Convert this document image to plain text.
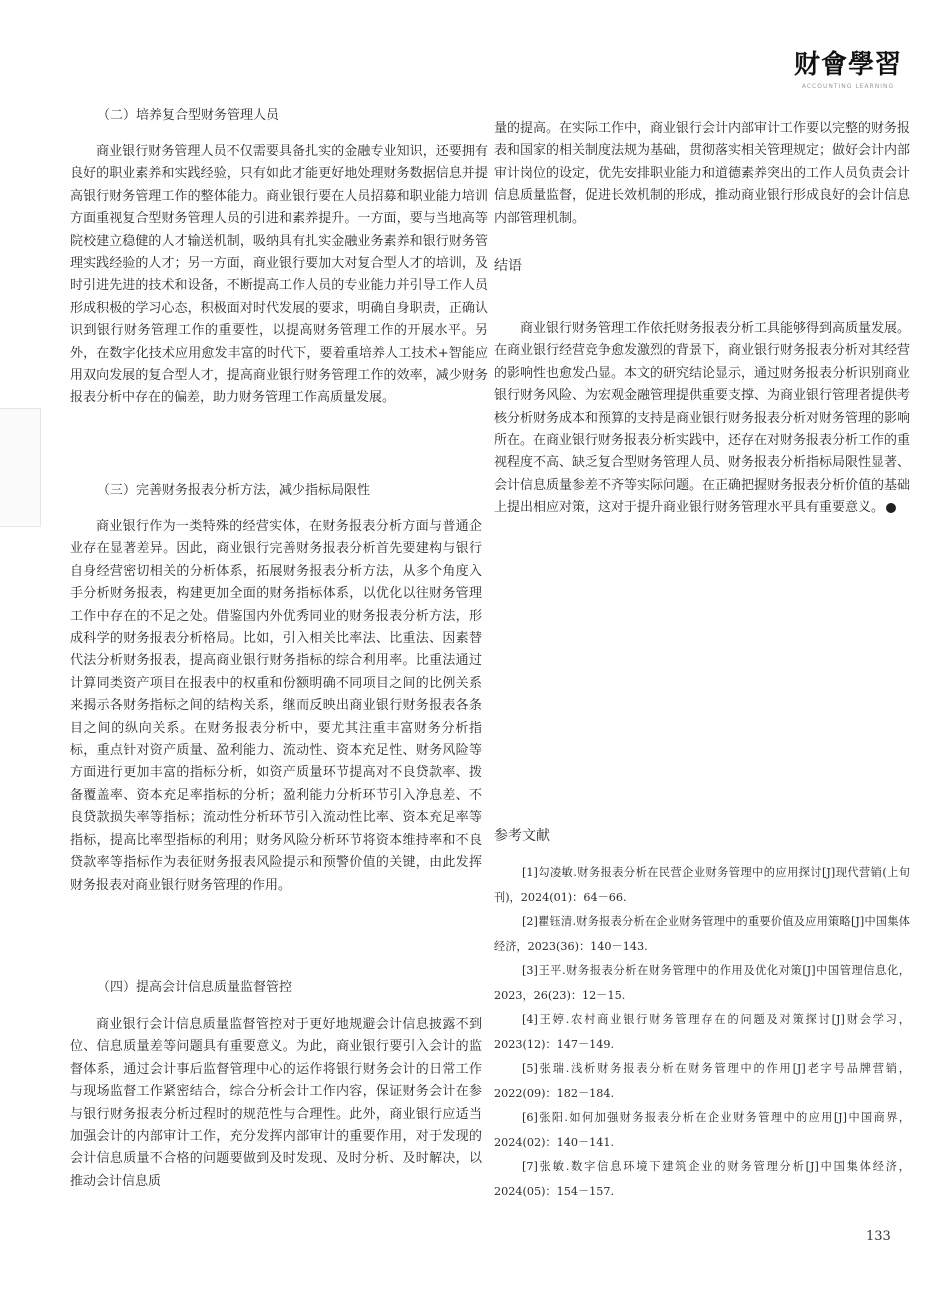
财會學習
ACCOUNTING LEARNING
（二）培养复合型财务管理人员

商业银行财务管理人员不仅需要具备扎实的金融专业知识，还要拥有良好的职业素养和实践经验，只有如此才能更好地处理财务数据信息并提高银行财务管理工作的整体能力。商业银行要在人员招募和职业能力培训方面重视复合型财务管理人员的引进和素养提升。一方面，要与当地高等院校建立稳健的人才输送机制，吸纳具有扎实金融业务素养和银行财务管理实践经验的人才；另一方面，商业银行要加大对复合型人才的培训，及时引进先进的技术和设备，不断提高工作人员的专业能力并引导工作人员形成积极的学习心态，积极面对时代发展的要求，明确自身职责，正确认识到银行财务管理工作的重要性，以提高财务管理工作的开展水平。另外，在数字化技术应用愈发丰富的时代下，要着重培养人工技术+智能应用双向发展的复合型人才，提高商业银行财务管理工作的效率，减少财务报表分析中存在的偏差，助力财务管理工作高质量发展。

（三）完善财务报表分析方法，减少指标局限性

商业银行作为一类特殊的经营实体，在财务报表分析方面与普通企业存在显著差异。因此，商业银行完善财务报表分析首先要建构与银行自身经营密切相关的分析体系，拓展财务报表分析方法，从多个角度入手分析财务报表，构建更加全面的财务指标体系，以优化以往财务管理工作中存在的不足之处。借鉴国内外优秀同业的财务报表分析方法，形成科学的财务报表分析格局。比如，引入相关比率法、比重法、因素替代法分析财务报表，提高商业银行财务指标的综合利用率。比重法通过计算同类资产项目在报表中的权重和份额明确不同项目之间的比例关系来揭示各财务指标之间的结构关系，继而反映出商业银行财务报表各条目之间的纵向关系。在财务报表分析中，要尤其注重丰富财务分析指标，重点针对资产质量、盈利能力、流动性、资本充足性、财务风险等方面进行更加丰富的指标分析，如资产质量环节提高对不良贷款率、拨备覆盖率、资本充足率指标的分析；盈利能力分析环节引入净息差、不良贷款损失率等指标；流动性分析环节引入流动性比率、资本充足率等指标，提高比率型指标的利用；财务风险分析环节将资本维持率和不良贷款率等指标作为表征财务报表风险提示和预警价值的关键，由此发挥财务报表对商业银行财务管理的作用。

（四）提高会计信息质量监督管控

商业银行会计信息质量监督管控对于更好地规避会计信息披露不到位、信息质量差等问题具有重要意义。为此，商业银行要引入会计的监督体系，通过会计事后监督管理中心的运作将银行财务会计的日常工作与现场监督工作紧密结合，综合分析会计工作内容，保证财务会计在参与银行财务报表分析过程时的规范性与合理性。此外，商业银行应适当加强会计的内部审计工作，充分发挥内部审计的重要作用，对于发现的会计信息质量不合格的问题要做到及时发现、及时分析、及时解决，以推动会计信息质

量的提高。在实际工作中，商业银行会计内部审计工作要以完整的财务报表和国家的相关制度法规为基础，贯彻落实相关管理规定；做好会计内部审计岗位的设定，优先安排职业能力和道德素养突出的工作人员负责会计信息质量监督，促进长效机制的形成，推动商业银行形成良好的会计信息内部管理机制。

结语

商业银行财务管理工作依托财务报表分析工具能够得到高质量发展。在商业银行经营竞争愈发激烈的背景下，商业银行财务报表分析对其经营的影响性也愈发凸显。本文的研究结论显示，通过财务报表分析识别商业银行财务风险、为宏观金融管理提供重要支撑、为商业银行管理者提供考核分析财务成本和预算的支持是商业银行财务报表分析对财务管理的影响所在。在商业银行财务报表分析实践中，还存在对财务报表分析工作的重视程度不高、缺乏复合型财务管理人员、财务报表分析指标局限性显著、会计信息质量参差不齐等实际问题。在正确把握财务报表分析价值的基础上提出相应对策，这对于提升商业银行财务管理水平具有重要意义。

参考文献

[1]勾凌敏.财务报表分析在民营企业财务管理中的应用探讨[J]现代营销(上旬刊)，2024(01)：64－66.

[2]瞿钰清.财务报表分析在企业财务管理中的重要价值及应用策略[J]中国集体经济，2023(36)：140－143.

[3]王平.财务报表分析在财务管理中的作用及优化对策[J]中国管理信息化，2023，26(23)：12－15.

[4]王婷.农村商业银行财务管理存在的问题及对策探讨[J]财会学习，2023(12)：147－149.

[5]张瑞.浅析财务报表分析在财务管理中的作用[J]老字号品牌营销，2022(09)：182－184.

[6]张阳.如何加强财务报表分析在企业财务管理中的应用[J]中国商界，2024(02)：140－141.

[7]张敏.数字信息环境下建筑企业的财务管理分析[J]中国集体经济，2024(05)：154－157.

133
